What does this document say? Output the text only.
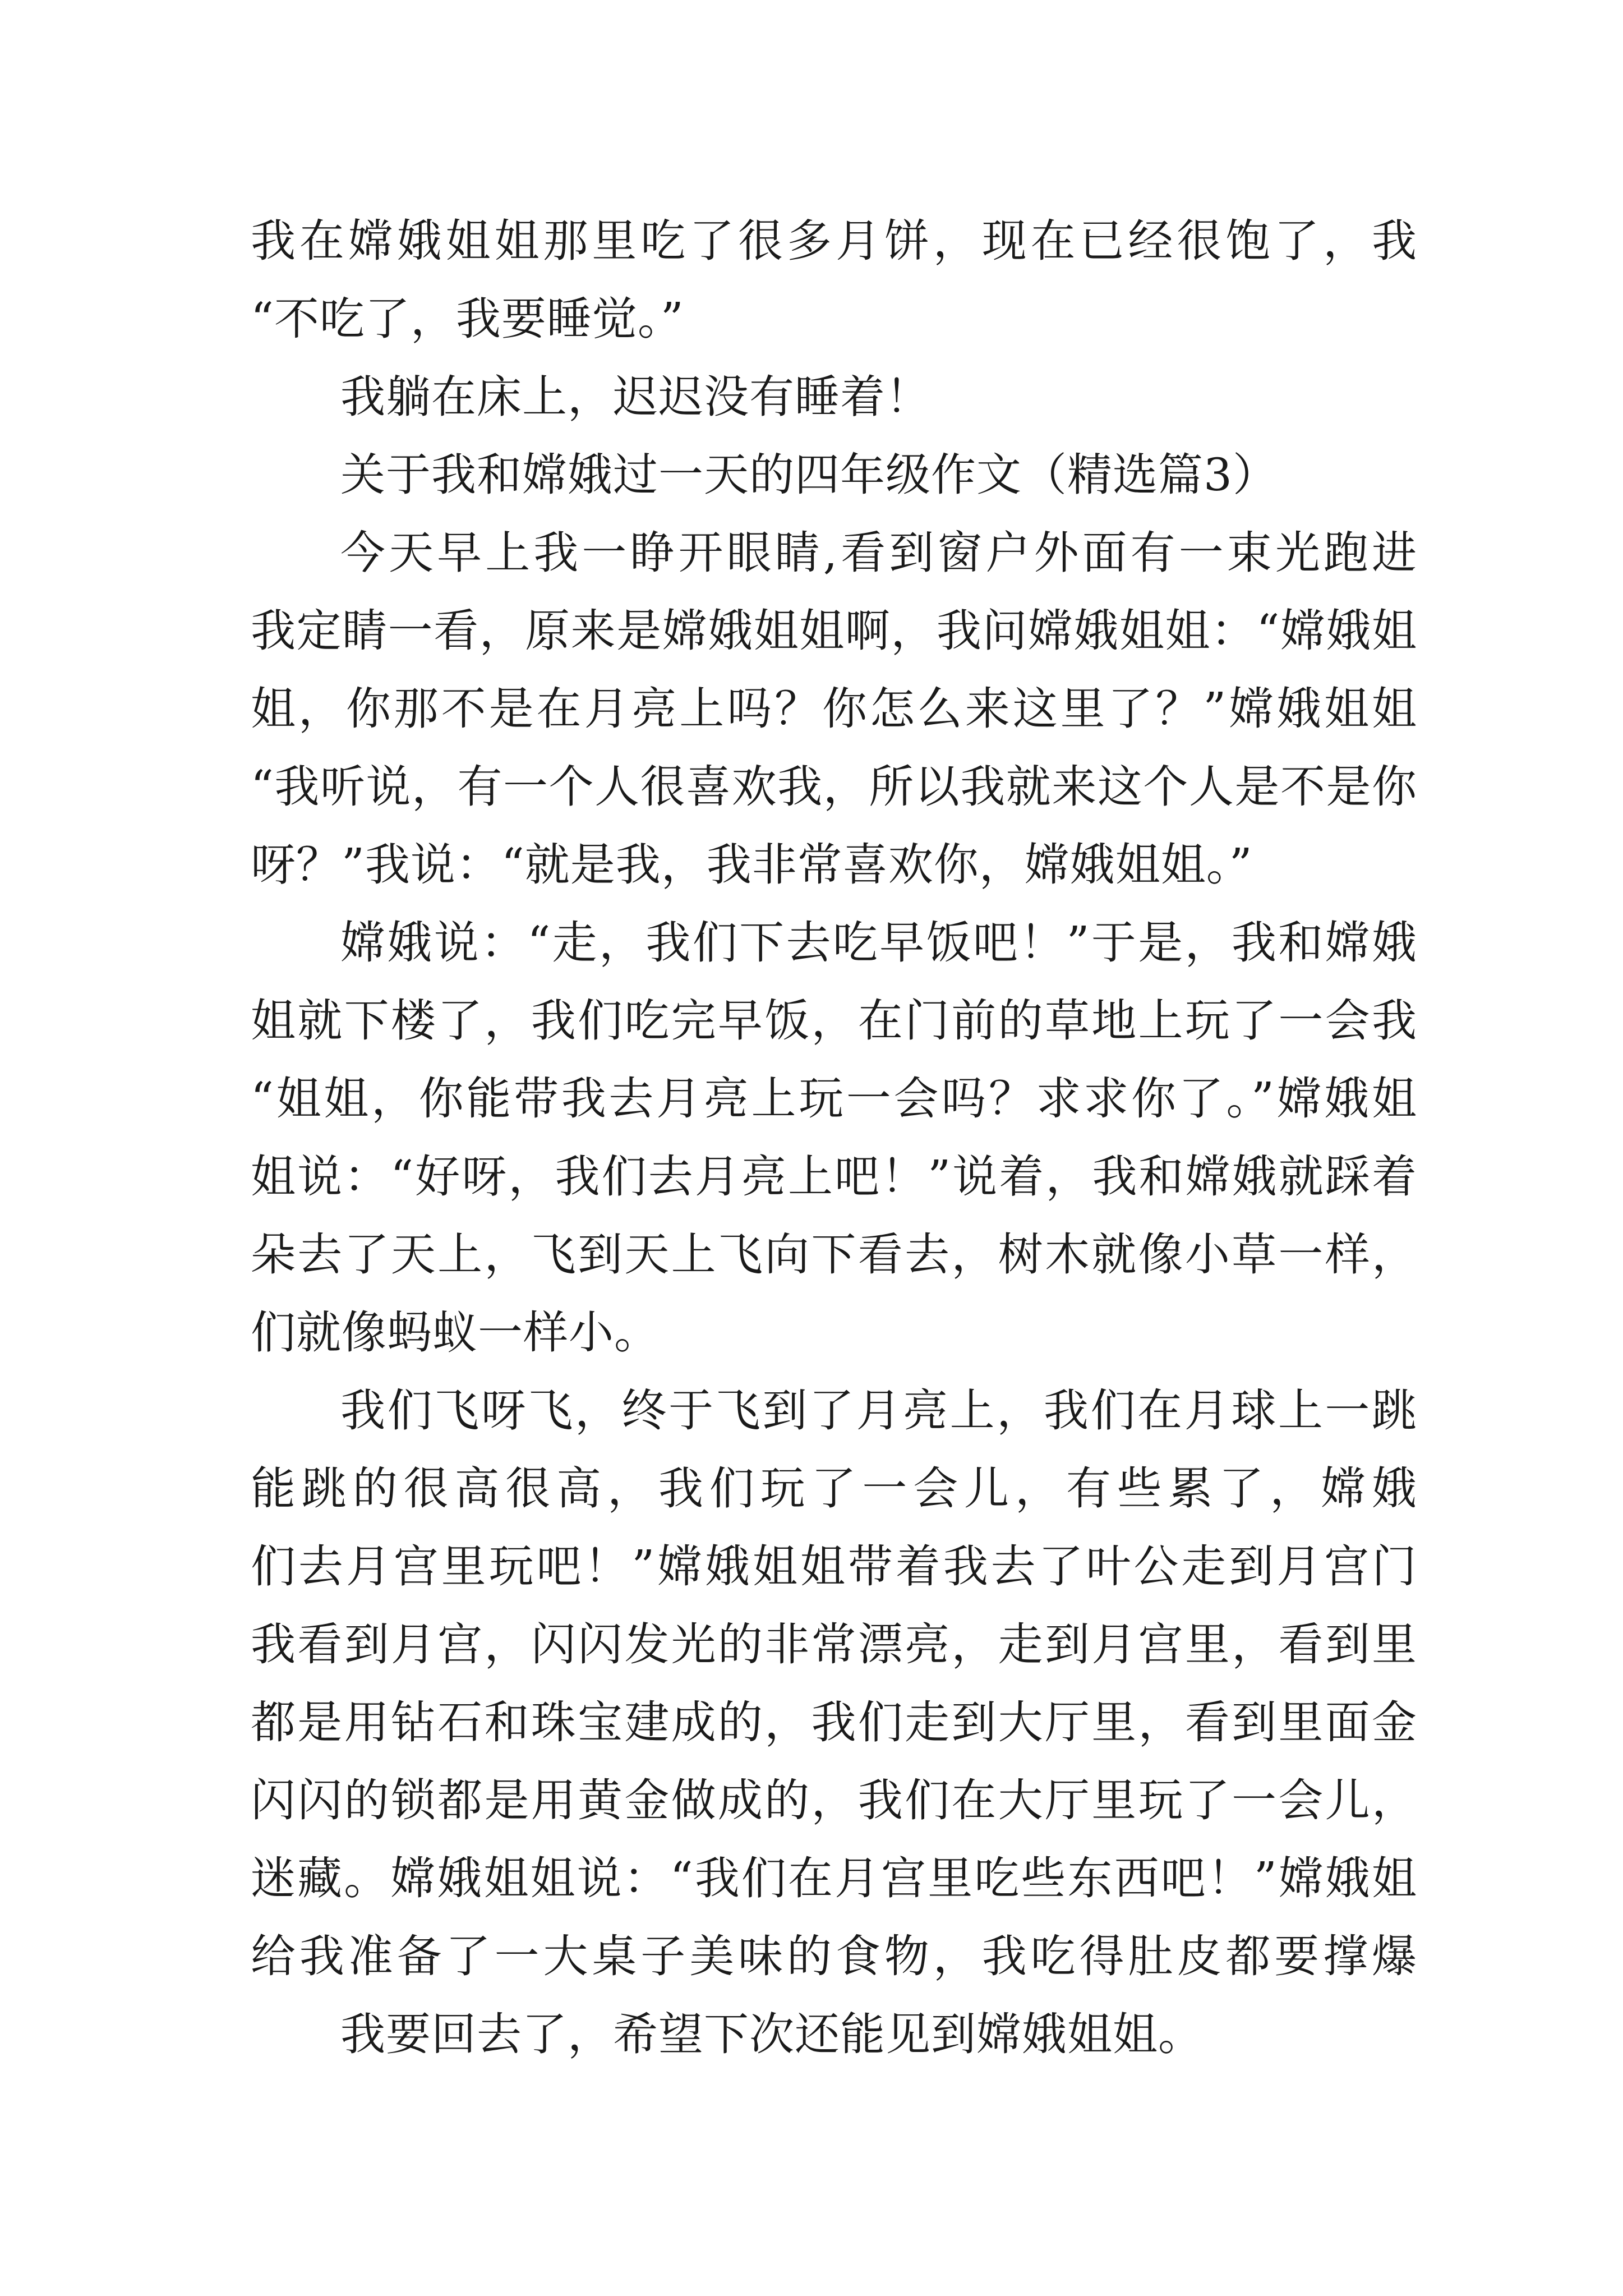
我在嫦娥姐姐那里吃了很多月饼，现在已经很饱了，我
“不吃了，我要睡觉。”
我躺在床上，迟迟没有睡着！
关于我和嫦娥过一天的四年级作文（精选篇3）
今天早上我一睁开眼睛,看到窗户外面有一束光跑进
我定睛一看，原来是嫦娥姐姐啊，我问嫦娥姐姐：“嫦娥姐
姐，你那不是在月亮上吗？你怎么来这里了？”嫦娥姐姐
“我听说，有一个人很喜欢我，所以我就来这个人是不是你
呀？”我说：“就是我，我非常喜欢你，嫦娥姐姐。”
嫦娥说：“走，我们下去吃早饭吧！”于是，我和嫦娥
姐就下楼了，我们吃完早饭，在门前的草地上玩了一会我
“姐姐，你能带我去月亮上玩一会吗？求求你了。”嫦娥姐
姐说：“好呀，我们去月亮上吧！”说着，我和嫦娥就踩着
朵去了天上，飞到天上飞向下看去，树木就像小草一样，
们就像蚂蚁一样小。
我们飞呀飞，终于飞到了月亮上，我们在月球上一跳
能跳的很高很高，我们玩了一会儿，有些累了，嫦娥
们去月宫里玩吧！”嫦娥姐姐带着我去了叶公走到月宫门
我看到月宫，闪闪发光的非常漂亮，走到月宫里，看到里
都是用钻石和珠宝建成的，我们走到大厅里，看到里面金
闪闪的锁都是用黄金做成的，我们在大厅里玩了一会儿，
迷藏。嫦娥姐姐说：“我们在月宫里吃些东西吧！”嫦娥姐
给我准备了一大桌子美味的食物，我吃得肚皮都要撑爆
我要回去了，希望下次还能见到嫦娥姐姐。
